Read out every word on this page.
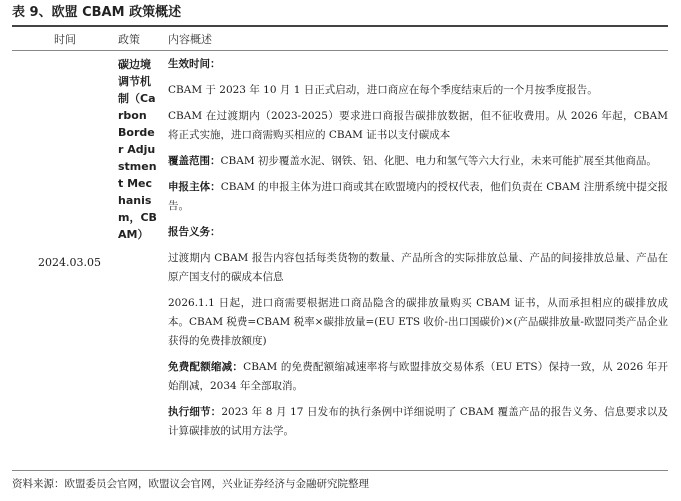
表 9、欧盟 CBAM 政策概述
时间	政策	内容概述
2024.03.05
碳边境调节机制（Carbon Border Adjustment Mechanism，CBAM）

生效时间：

CBAM 于 2023 年 10 月 1 日正式启动，进口商应在每个季度结束后的一个月按季度报告。

CBAM 在过渡期内（2023-2025）要求进口商报告碳排放数据，但不征收费用。从 2026 年起，CBAM 将正式实施，进口商需购买相应的 CBAM 证书以支付碳成本

覆盖范围：CBAM 初步覆盖水泥、钢铁、铝、化肥、电力和氢气等六大行业，未来可能扩展至其他商品。

申报主体：CBAM 的申报主体为进口商或其在欧盟境内的授权代表，他们负责在 CBAM 注册系统中提交报告。

报告义务：

过渡期内 CBAM 报告内容包括每类货物的数量、产品所含的实际排放总量、产品的间接排放总量、产品在原产国支付的碳成本信息

2026.1.1 日起，进口商需要根据进口商品隐含的碳排放量购买 CBAM 证书，从而承担相应的碳排放成本。CBAM 税费=CBAM 税率×碳排放量=(EU ETS 收价-出口国碳价)×(产品碳排放量-欧盟同类产品企业获得的免费排放额度)

免费配额缩减：CBAM 的免费配额缩减速率将与欧盟排放交易体系（EU ETS）保持一致，从 2026 年开始削减，2034 年全部取消。

执行细节：2023 年 8 月 17 日发布的执行条例中详细说明了 CBAM 覆盖产品的报告义务、信息要求以及计算碳排放的试用方法学。

资料来源：欧盟委员会官网，欧盟议会官网，兴业证券经济与金融研究院整理
